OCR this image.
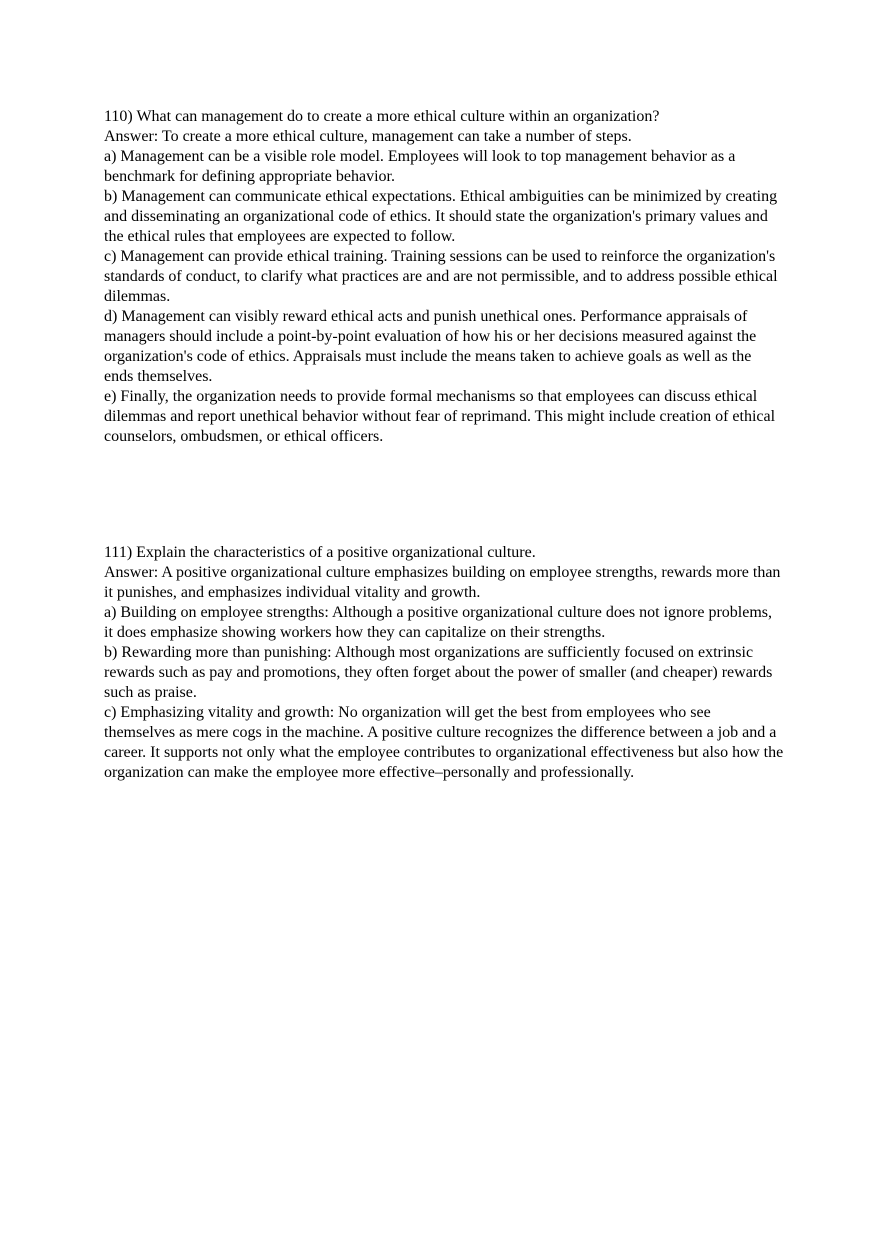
110) What can management do to create a more ethical culture within an organization?

Answer: To create a more ethical culture, management can take a number of steps.

a) Management can be a visible role model. Employees will look to top management behavior as a benchmark for defining appropriate behavior.

b) Management can communicate ethical expectations. Ethical ambiguities can be minimized by creating and disseminating an organizational code of ethics. It should state the organization's primary values and the ethical rules that employees are expected to follow.

c) Management can provide ethical training. Training sessions can be used to reinforce the organization's standards of conduct, to clarify what practices are and are not permissible, and to address possible ethical dilemmas.

d) Management can visibly reward ethical acts and punish unethical ones. Performance appraisals of managers should include a point-by-point evaluation of how his or her decisions measured against the organization's code of ethics. Appraisals must include the means taken to achieve goals as well as the ends themselves.

e) Finally, the organization needs to provide formal mechanisms so that employees can discuss ethical dilemmas and report unethical behavior without fear of reprimand. This might include creation of ethical counselors, ombudsmen, or ethical officers.

111) Explain the characteristics of a positive organizational culture.

Answer: A positive organizational culture emphasizes building on employee strengths, rewards more than it punishes, and emphasizes individual vitality and growth.

a) Building on employee strengths: Although a positive organizational culture does not ignore problems, it does emphasize showing workers how they can capitalize on their strengths.

b) Rewarding more than punishing: Although most organizations are sufficiently focused on extrinsic rewards such as pay and promotions, they often forget about the power of smaller (and cheaper) rewards such as praise.

c) Emphasizing vitality and growth: No organization will get the best from employees who see themselves as mere cogs in the machine. A positive culture recognizes the difference between a job and a career. It supports not only what the employee contributes to organizational effectiveness but also how the organization can make the employee more effective–personally and professionally.
